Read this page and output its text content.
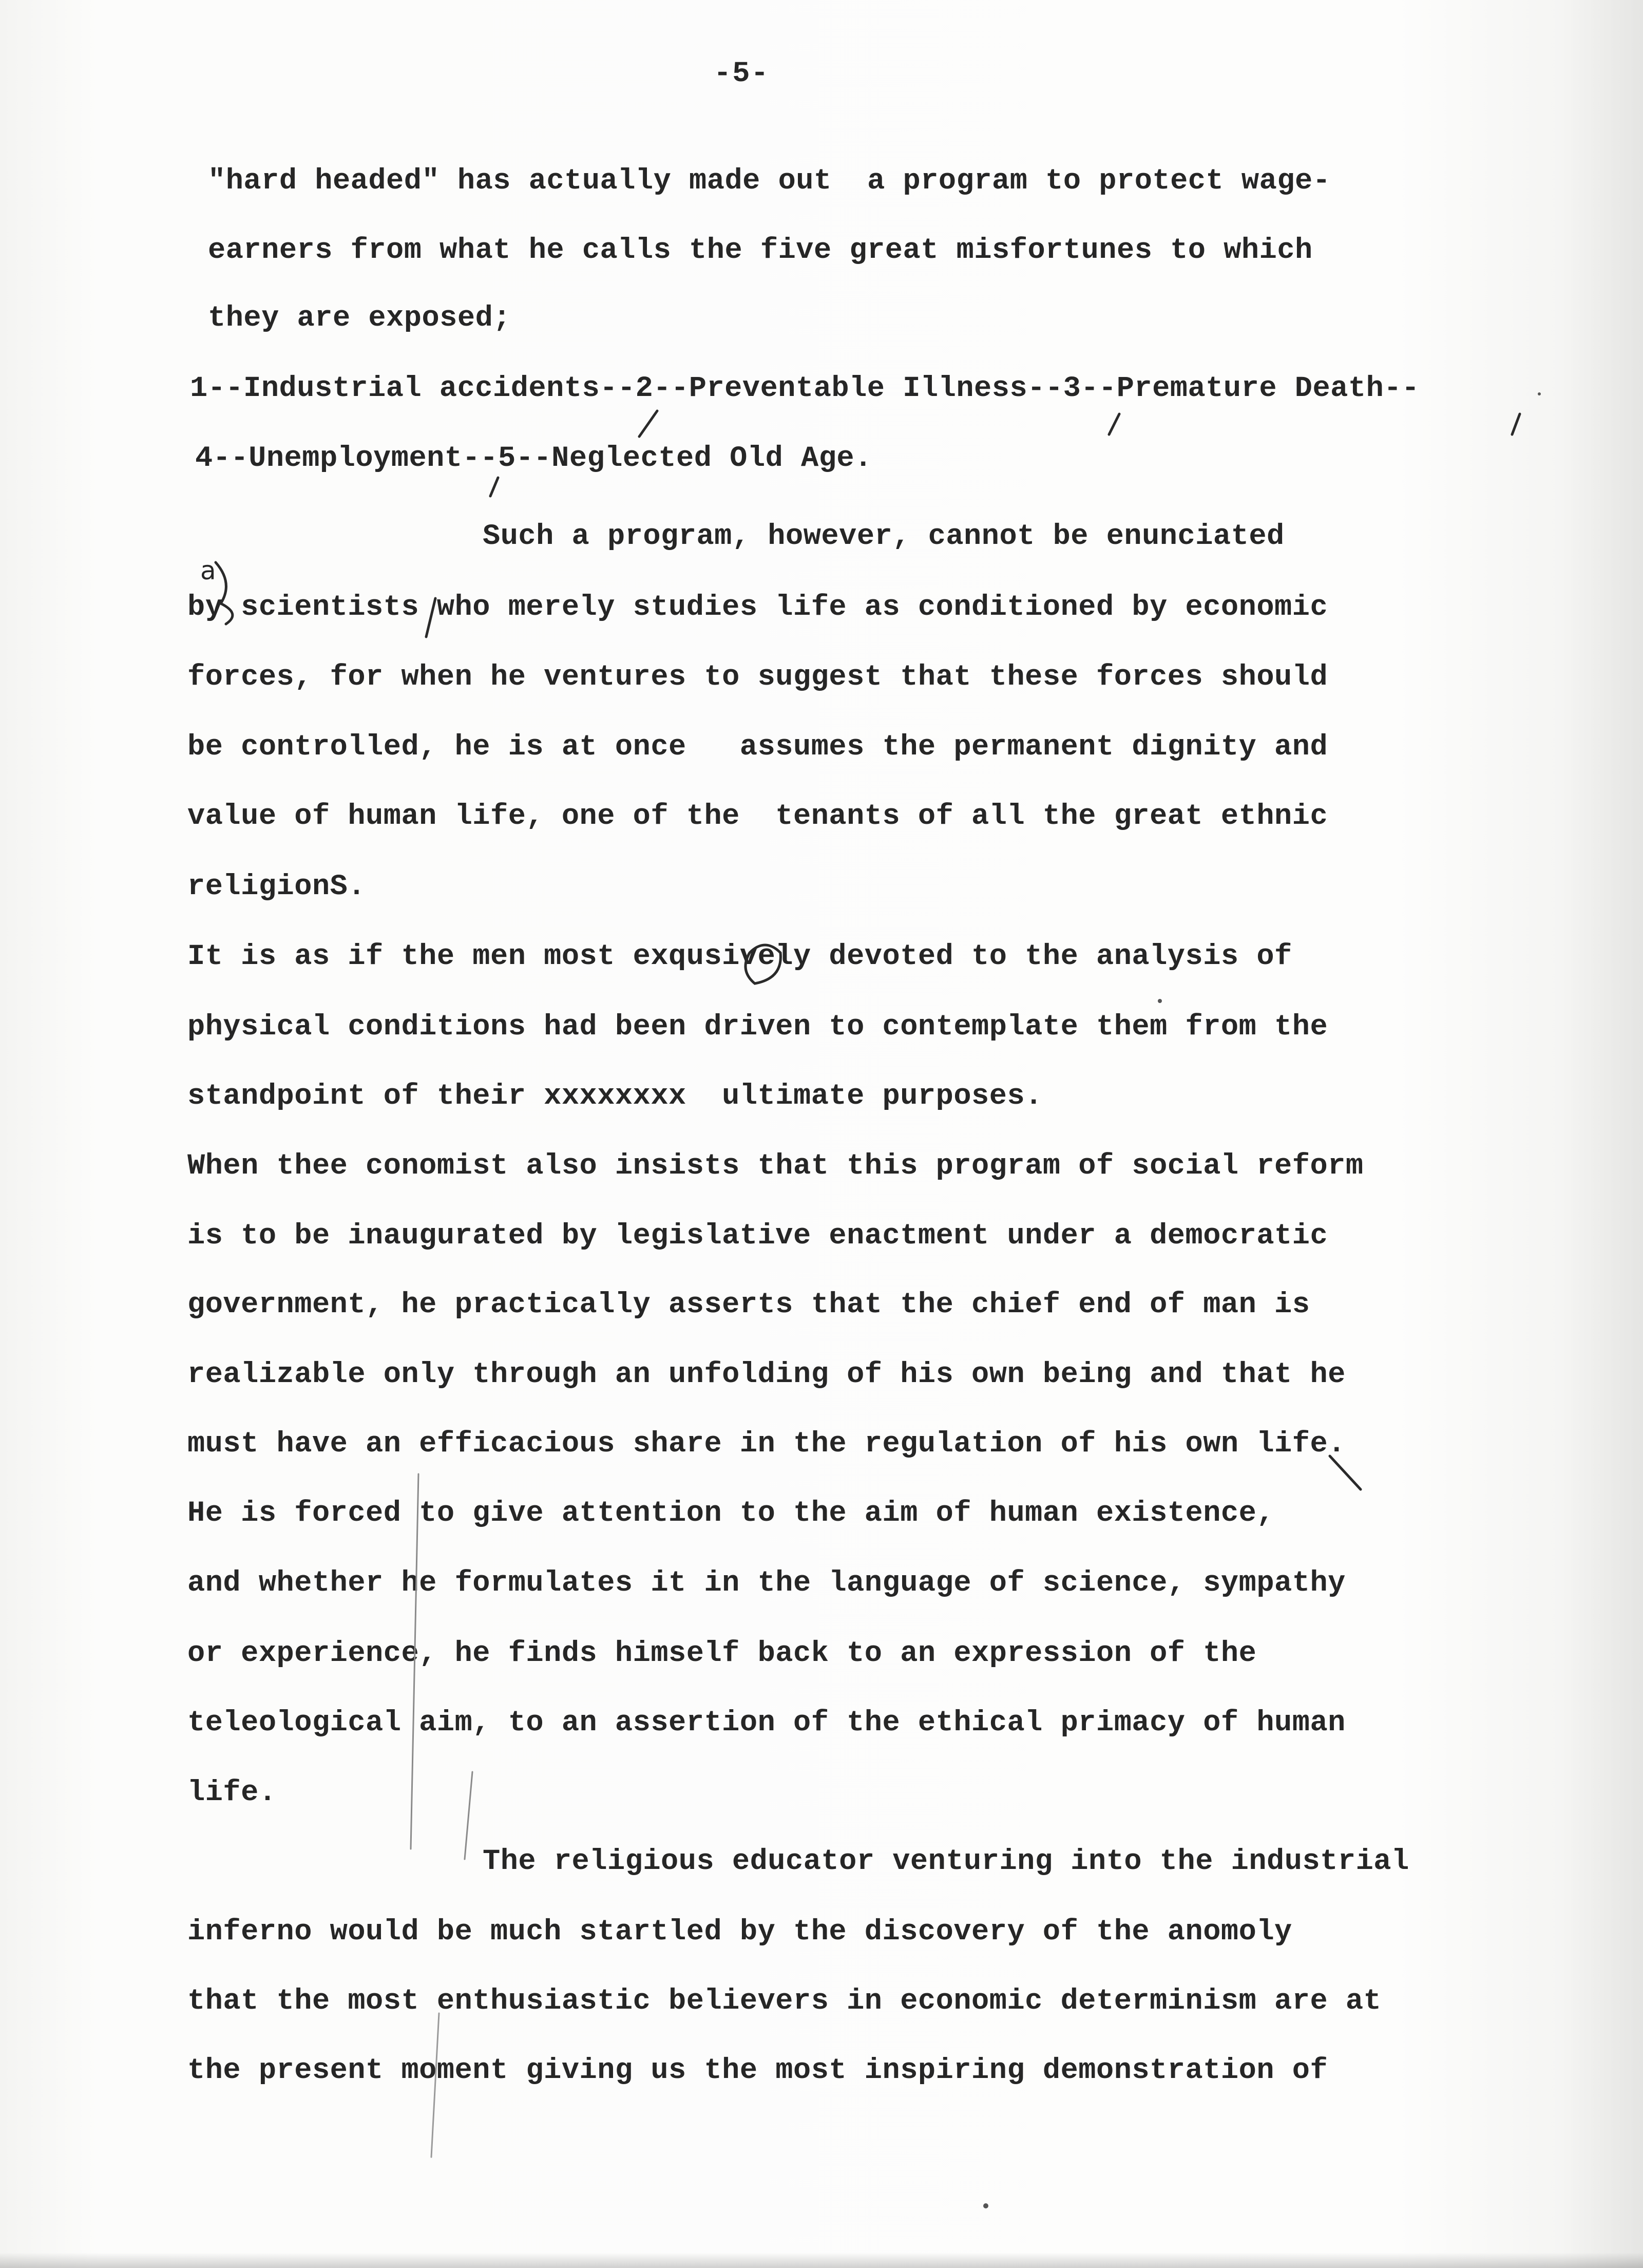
-5-

"hard headed" has actually made out  a program to protect wage-

earners from what he calls the five great misfortunes to which

they are exposed;

1--Industrial accidents--2--Preventable Illness--3--Premature Death--

4--Unemployment--5--Neglected Old Age.

Such a program, however, cannot be enunciated

a

by scientists who merely studies life as conditioned by economic

forces, for when he ventures to suggest that these forces should

be controlled, he is at once   assumes the permanent dignity and

value of human life, one of the  tenants of all the great ethnic

religionS.

It is as if the men most exqusively devoted to the analysis of

physical conditions had been driven to contemplate them from the

standpoint of their xxxxxxxx  ultimate purposes.

When thee conomist also insists that this program of social reform

is to be inaugurated by legislative enactment under a democratic

government, he practically asserts that the chief end of man is

realizable only through an unfolding of his own being and that he

must have an efficacious share in the regulation of his own life.

He is forced to give attention to the aim of human existence,

and whether he formulates it in the language of science, sympathy

or experience, he finds himself back to an expression of the

teleological aim, to an assertion of the ethical primacy of human

life.

The religious educator venturing into the industrial

inferno would be much startled by the discovery of the anomoly

that the most enthusiastic believers in economic determinism are at

the present moment giving us the most inspiring demonstration of
